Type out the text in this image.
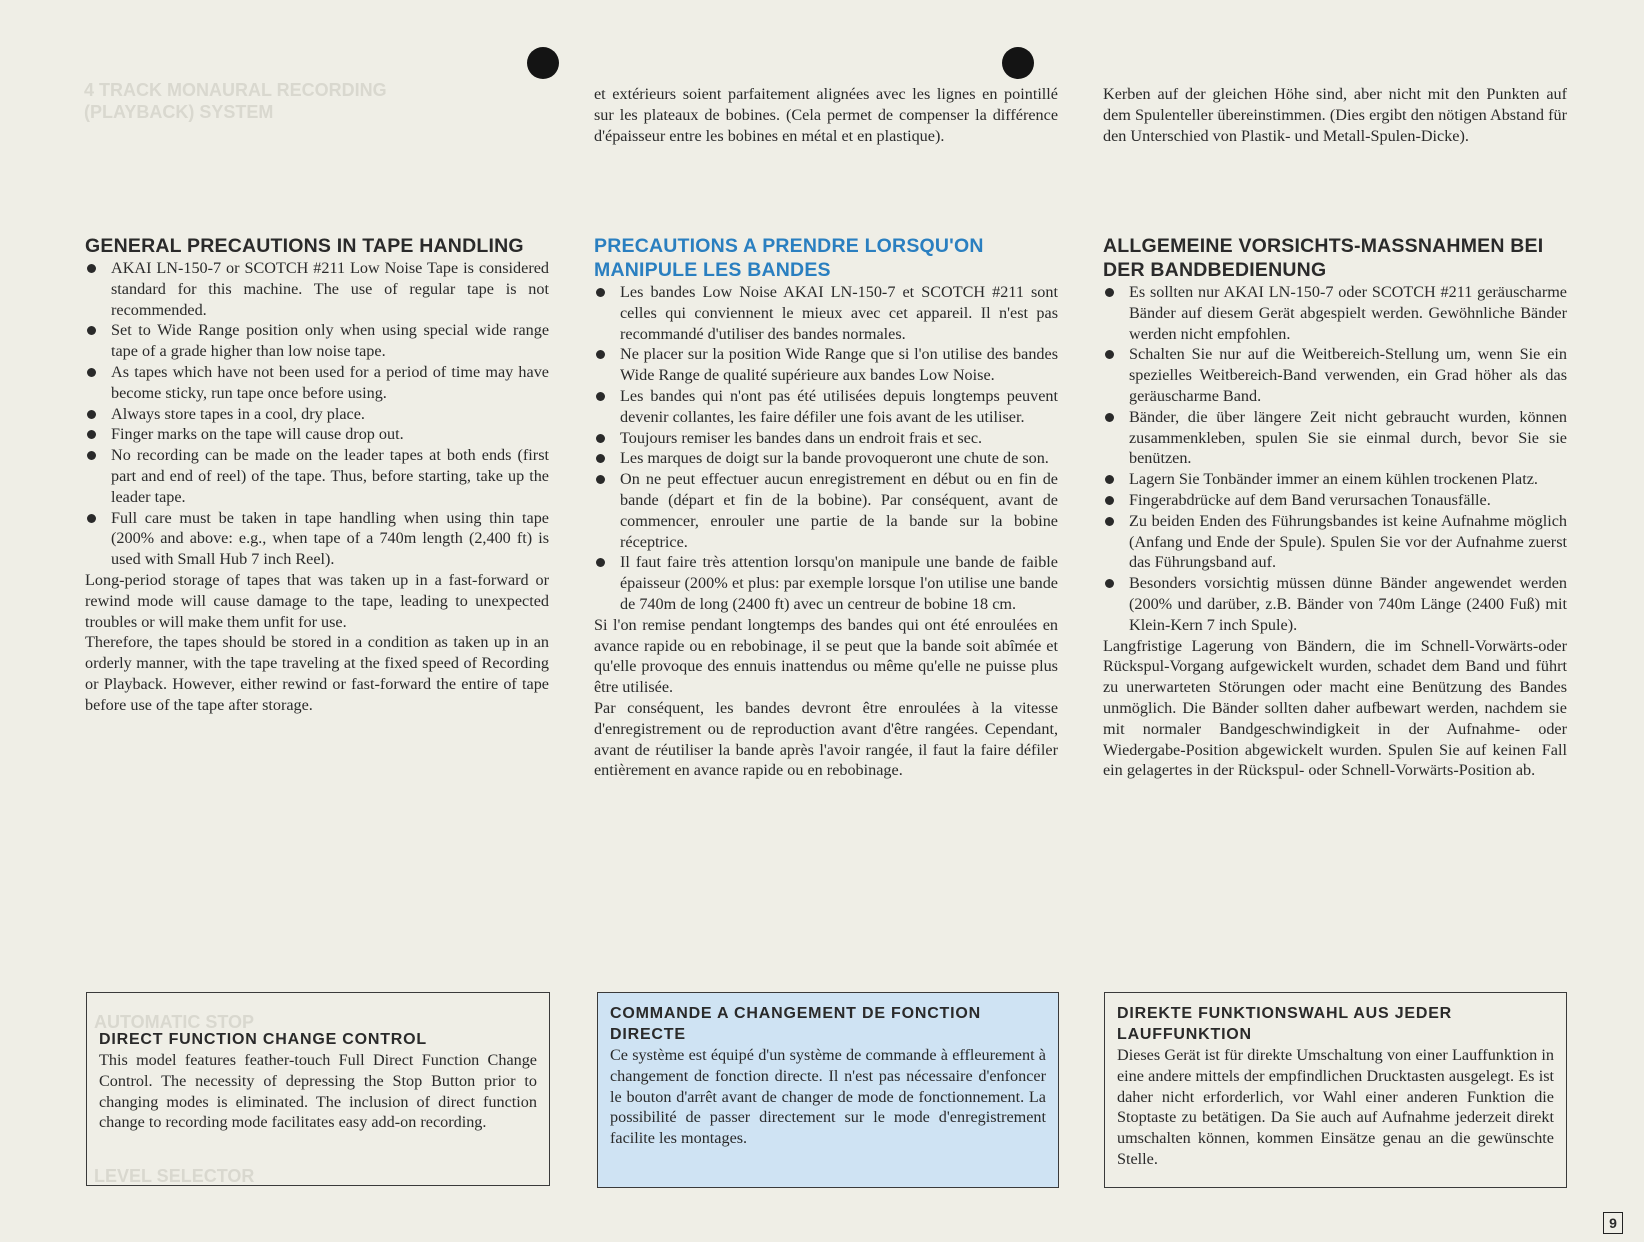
4 TRACK MONAURAL RECORDING
(PLAYBACK) SYSTEM
AUTOMATIC STOP
LEVEL SELECTOR
GENERAL PRECAUTIONS IN TAPE HANDLING
AKAI LN-150-7 or SCOTCH #211 Low Noise Tape is considered standard for this machine. The use of regular tape is not recommended.
Set to Wide Range position only when using special wide range tape of a grade higher than low noise tape.
As tapes which have not been used for a period of time may have become sticky, run tape once before using.
Always store tapes in a cool, dry place.
Finger marks on the tape will cause drop out.
No recording can be made on the leader tapes at both ends (first part and end of reel) of the tape. Thus, before starting, take up the leader tape.
Full care must be taken in tape handling when using thin tape (200% and above: e.g., when tape of a 740m length (2,400 ft) is used with Small Hub 7 inch Reel).

Long-period storage of tapes that was taken up in a fast-forward or rewind mode will cause damage to the tape, leading to unexpected troubles or will make them unfit for use.

Therefore, the tapes should be stored in a condition as taken up in an orderly manner, with the tape traveling at the fixed speed of Recording or Playback. However, either rewind or fast-forward the entire of tape before use of the tape after storage.

et extérieurs soient parfaitement alignées avec les lignes en pointillé sur les plateaux de bobines. (Cela permet de compenser la différence d'épaisseur entre les bobines en métal et en plastique).

PRECAUTIONS A PRENDRE LORSQU'ON MANIPULE LES BANDES
Les bandes Low Noise AKAI LN-150-7 et SCOTCH #211 sont celles qui conviennent le mieux avec cet appareil. Il n'est pas recommandé d'utiliser des bandes normales.
Ne placer sur la position Wide Range que si l'on utilise des bandes Wide Range de qualité supérieure aux bandes Low Noise.
Les bandes qui n'ont pas été utilisées depuis longtemps peuvent devenir collantes, les faire défiler une fois avant de les utiliser.
Toujours remiser les bandes dans un endroit frais et sec.
Les marques de doigt sur la bande provoqueront une chute de son.
On ne peut effectuer aucun enregistrement en début ou en fin de bande (départ et fin de la bobine). Par conséquent, avant de commencer, enrouler une partie de la bande sur la bobine réceptrice.
Il faut faire très attention lorsqu'on manipule une bande de faible épaisseur (200% et plus: par exemple lorsque l'on utilise une bande de 740m de long (2400 ft) avec un centreur de bobine 18 cm.

Si l'on remise pendant longtemps des bandes qui ont été enroulées en avance rapide ou en rebobinage, il se peut que la bande soit abîmée et qu'elle provoque des ennuis inattendus ou même qu'elle ne puisse plus être utilisée.

Par conséquent, les bandes devront être enroulées à la vitesse d'enregistrement ou de reproduction avant d'être rangées. Cependant, avant de réutiliser la bande après l'avoir rangée, il faut la faire défiler entièrement en avance rapide ou en rebobinage.

Kerben auf der gleichen Höhe sind, aber nicht mit den Punkten auf dem Spulenteller übereinstimmen. (Dies ergibt den nötigen Abstand für den Unterschied von Plastik- und Metall-Spulen-Dicke).

ALLGEMEINE VORSICHTS-MASSNAHMEN BEI DER BANDBEDIENUNG
Es sollten nur AKAI LN-150-7 oder SCOTCH #211 geräuscharme Bänder auf diesem Gerät abgespielt werden. Gewöhnliche Bänder werden nicht empfohlen.
Schalten Sie nur auf die Weitbereich-Stellung um, wenn Sie ein spezielles Weitbereich-Band verwenden, ein Grad höher als das geräuscharme Band.
Bänder, die über längere Zeit nicht gebraucht wurden, können zusammenkleben, spulen Sie sie einmal durch, bevor Sie sie benützen.
Lagern Sie Tonbänder immer an einem kühlen trockenen Platz.
Fingerabdrücke auf dem Band verursachen Tonausfälle.
Zu beiden Enden des Führungsbandes ist keine Aufnahme möglich (Anfang und Ende der Spule). Spulen Sie vor der Aufnahme zuerst das Führungsband auf.
Besonders vorsichtig müssen dünne Bänder angewendet werden (200% und darüber, z.B. Bänder von 740m Länge (2400 Fuß) mit Klein-Kern 7 inch Spule).

Langfristige Lagerung von Bändern, die im Schnell-Vorwärts-oder Rückspul-Vorgang aufgewickelt wurden, schadet dem Band und führt zu unerwarteten Störungen oder macht eine Benützung des Bandes unmöglich. Die Bänder sollten daher aufbewart werden, nachdem sie mit normaler Bandgeschwindigkeit in der Aufnahme- oder Wiedergabe-Position abgewickelt wurden. Spulen Sie auf keinen Fall ein gelagertes in der Rückspul- oder Schnell-Vorwärts-Position ab.

DIRECT FUNCTION CHANGE CONTROL

This model features feather-touch Full Direct Function Change Control. The necessity of depressing the Stop Button prior to changing modes is eliminated. The inclusion of direct function change to recording mode facilitates easy add-on recording.

COMMANDE A CHANGEMENT DE FONCTION DIRECTE

Ce système est équipé d'un système de commande à effleurement à changement de fonction directe. Il n'est pas nécessaire d'enfoncer le bouton d'arrêt avant de changer de mode de fonctionnement. La possibilité de passer directement sur le mode d'enregistrement facilite les montages.

DIREKTE FUNKTIONSWAHL AUS JEDER LAUFFUNKTION

Dieses Gerät ist für direkte Umschaltung von einer Lauffunktion in eine andere mittels der empfindlichen Drucktasten ausgelegt. Es ist daher nicht erforderlich, vor Wahl einer anderen Funktion die Stoptaste zu betätigen. Da Sie auch auf Aufnahme jederzeit direkt umschalten können, kommen Einsätze genau an die gewünschte Stelle.

9
